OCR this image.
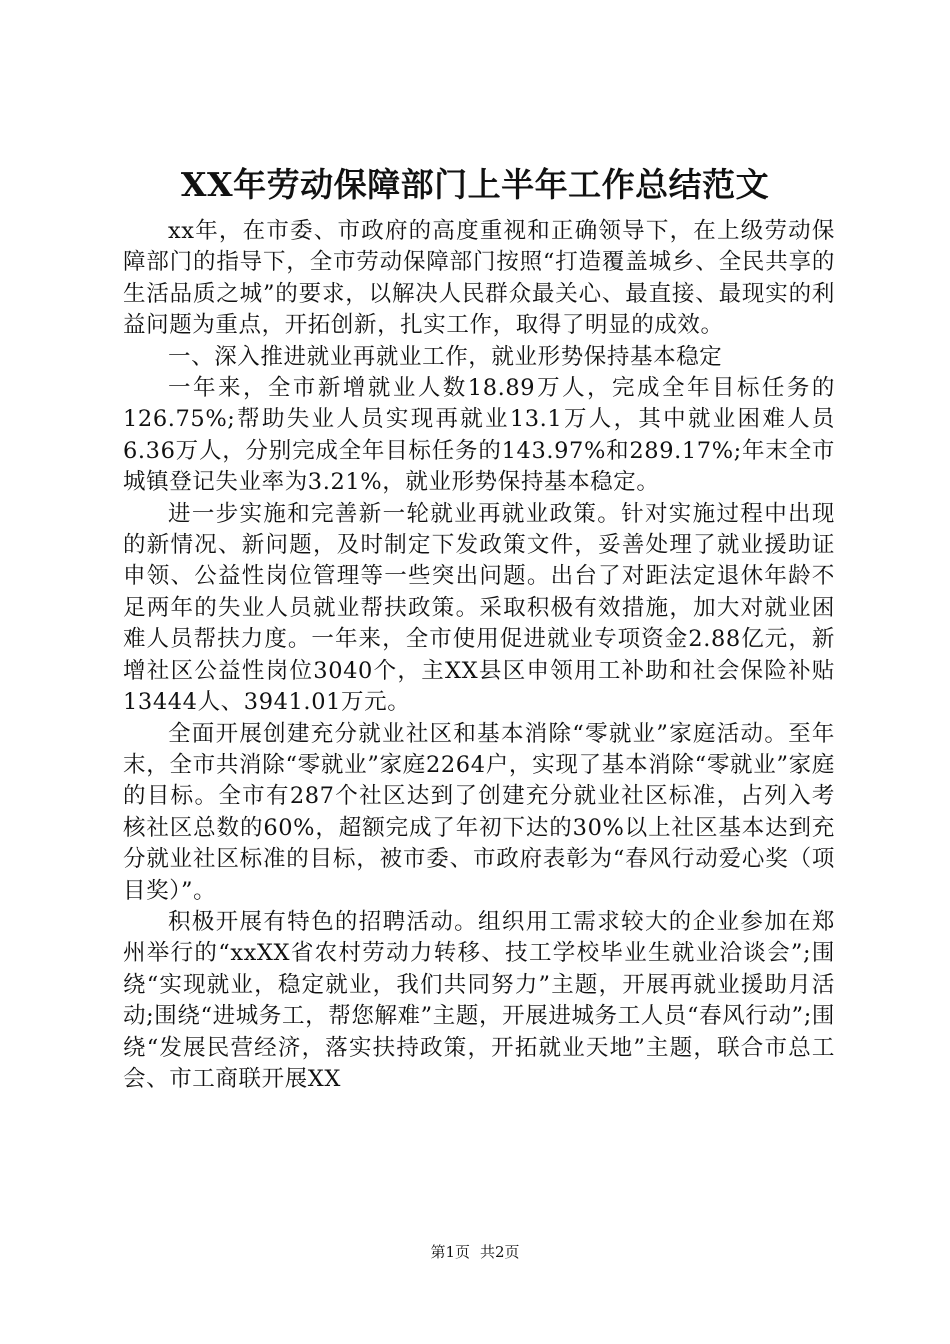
XX年劳动保障部门上半年工作总结范文

xx年，在市委、市政府的高度重视和正确领导下，在上级劳动保障部门的指导下，全市劳动保障部门按照“打造覆盖城乡、全民共享的生活品质之城”的要求，以解决人民群众最关心、最直接、最现实的利益问题为重点，开拓创新，扎实工作，取得了明显的成效。

一、深入推进就业再就业工作，就业形势保持基本稳定

一年来，全市新增就业人数18.89万人，完成全年目标任务的126.75%;帮助失业人员实现再就业13.1万人，其中就业困难人员6.36万人，分别完成全年目标任务的143.97%和289.17%;年末全市城镇登记失业率为3.21%，就业形势保持基本稳定。

进一步实施和完善新一轮就业再就业政策。针对实施过程中出现的新情况、新问题，及时制定下发政策文件，妥善处理了就业援助证申领、公益性岗位管理等一些突出问题。出台了对距法定退休年龄不足两年的失业人员就业帮扶政策。采取积极有效措施，加大对就业困难人员帮扶力度。一年来，全市使用促进就业专项资金2.88亿元，新增社区公益性岗位3040个，主XX县区申领用工补助和社会保险补贴13444人、3941.01万元。

全面开展创建充分就业社区和基本消除“零就业”家庭活动。至年末，全市共消除“零就业”家庭2264户，实现了基本消除“零就业”家庭的目标。全市有287个社区达到了创建充分就业社区标准，占列入考核社区总数的60%，超额完成了年初下达的30%以上社区基本达到充分就业社区标准的目标，被市委、市政府表彰为“春风行动爱心奖（项目奖）”。

积极开展有特色的招聘活动。组织用工需求较大的企业参加在郑州举行的“xxXX省农村劳动力转移、技工学校毕业生就业洽谈会”;围绕“实现就业，稳定就业，我们共同努力”主题，开展再就业援助月活动;围绕“进城务工，帮您解难”主题，开展进城务工人员“春风行动”;围绕“发展民营经济，落实扶持政策，开拓就业天地”主题，联合市总工会、市工商联开展XX

第1页 共2页
